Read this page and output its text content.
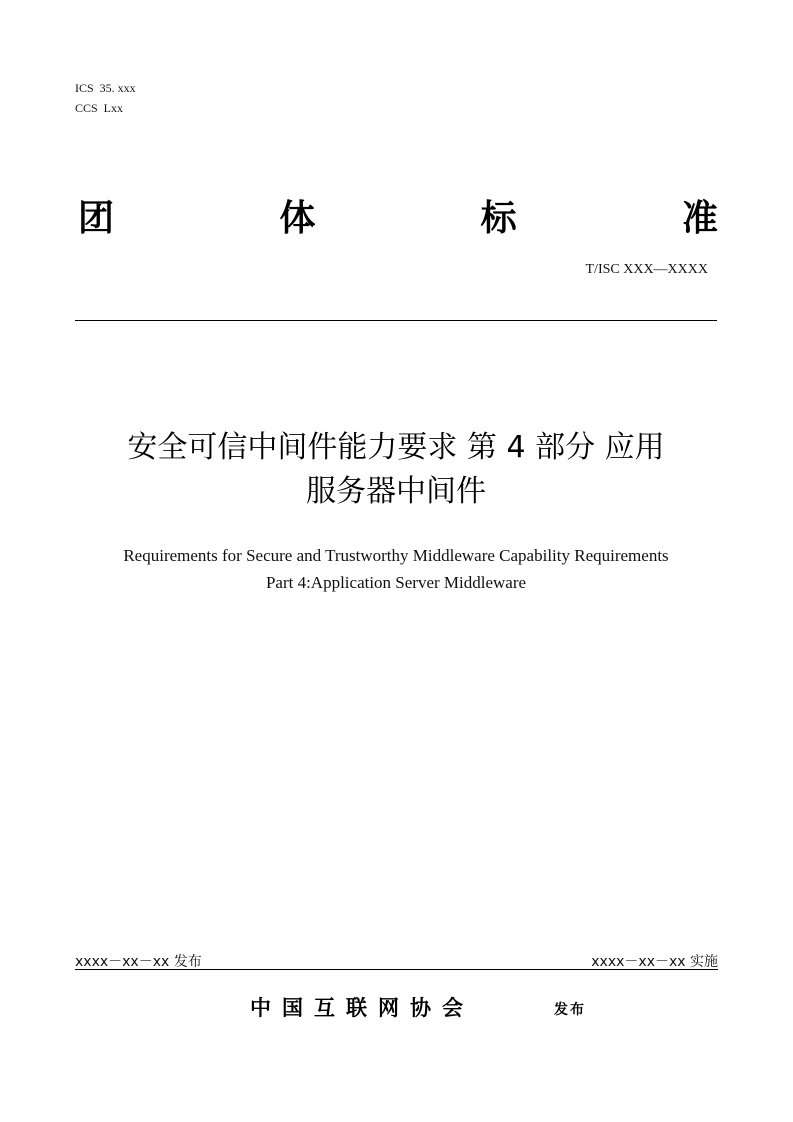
ICS  35. xxx
CCS  Lxx
团	体	标	准
T/ISC XXX—XXXX
安全可信中间件能力要求 第 4 部分 应用
服务器中间件
Requirements for Secure and Trustworthy Middleware Capability Requirements
Part 4:Application Server Middleware
xxxx－xx－xx 发布	xxxx－xx－xx 实施
中国互联网协会	发布
